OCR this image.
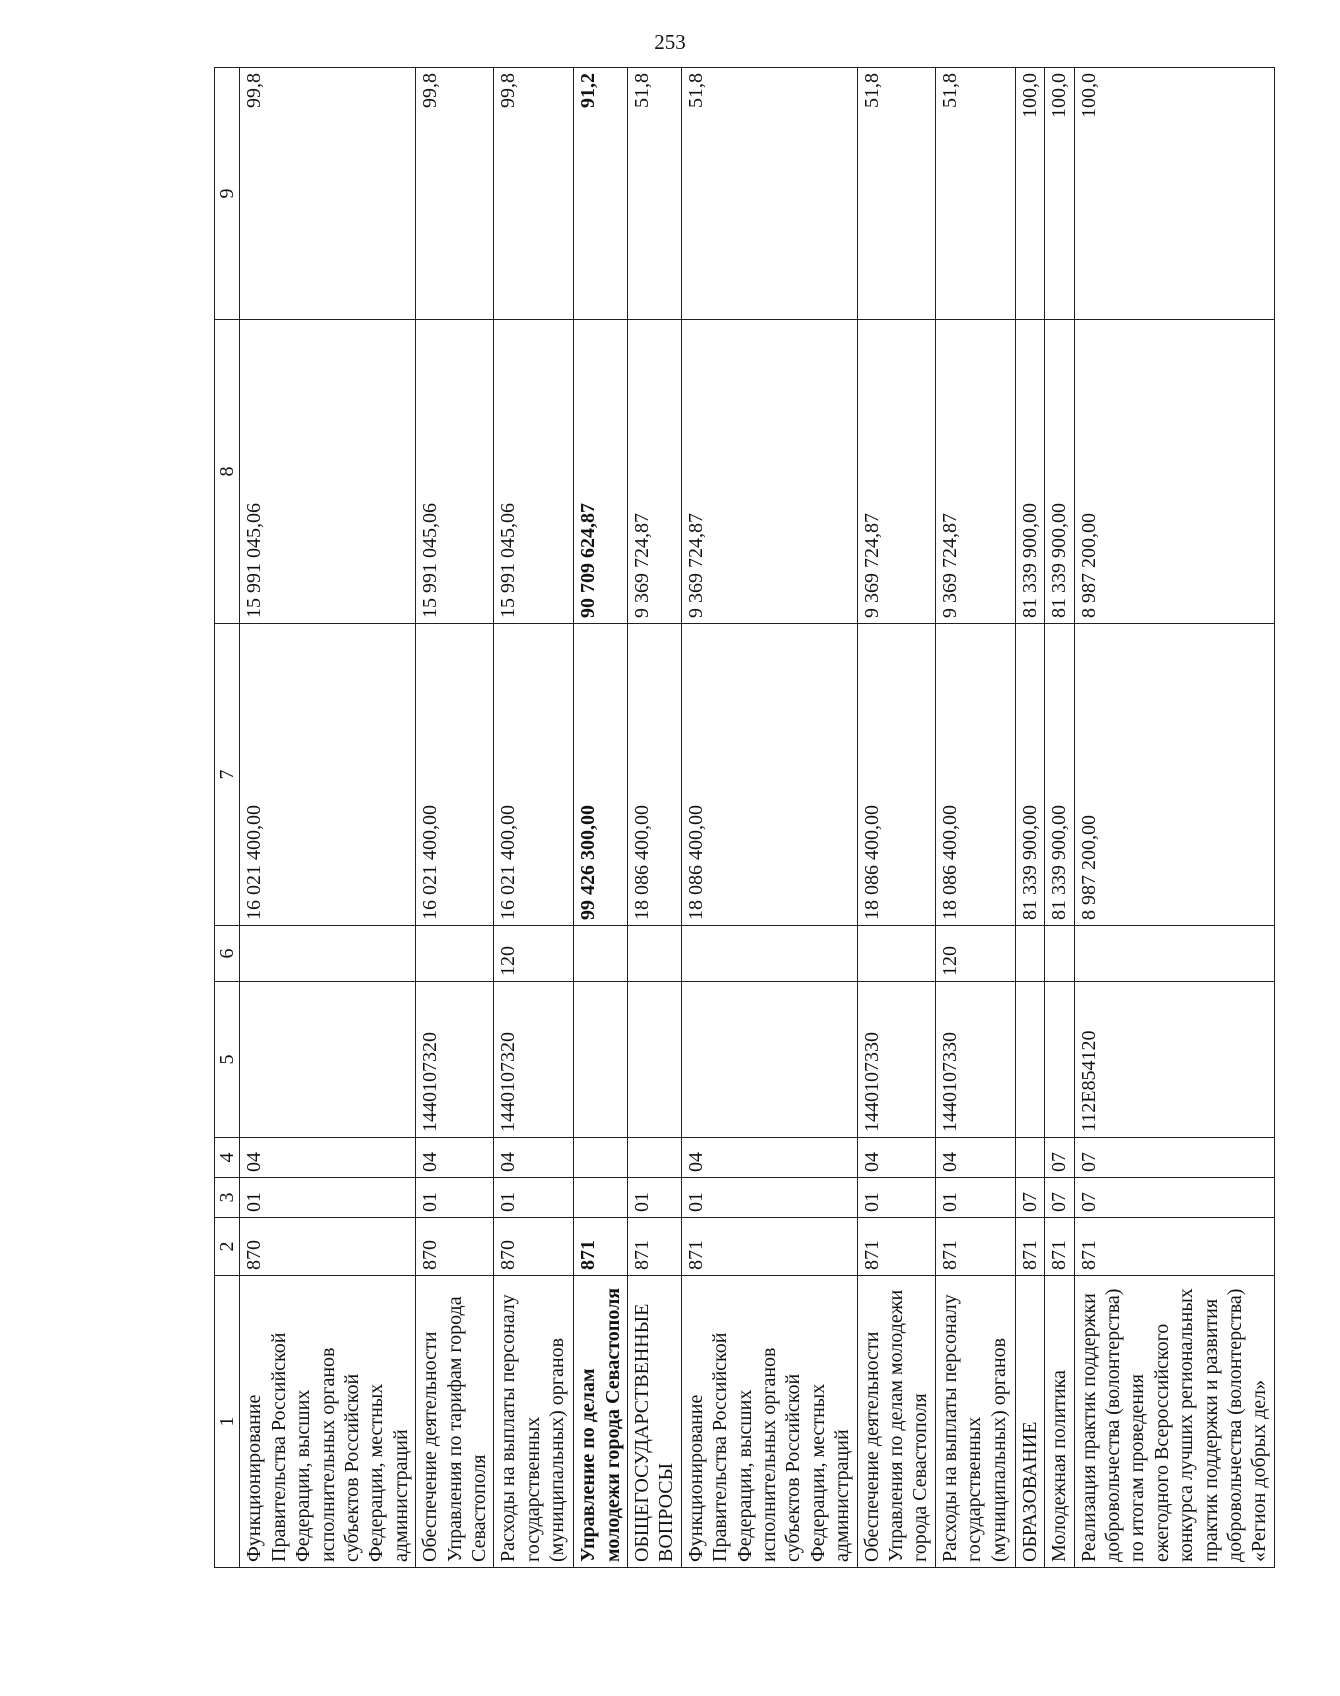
253
1	2	3	4	5	6	7	8	9
Функционирование Правительства Российской Федерации, высших исполнительных органов субъектов Российской Федерации, местных администраций	870	01	04			16 021 400,00	15 991 045,06	99,8
Обеспечение деятельности Управления по тарифам города Севастополя	870	01	04	1440107320		16 021 400,00	15 991 045,06	99,8
Расходы на выплаты персоналу государственных (муниципальных) органов	870	01	04	1440107320	120	16 021 400,00	15 991 045,06	99,8
Управление по делам молодежи города Севастополя	871					99 426 300,00	90 709 624,87	91,2
ОБЩЕГОСУДАРСТВЕННЫЕ ВОПРОСЫ	871	01				18 086 400,00	9 369 724,87	51,8
Функционирование Правительства Российской Федерации, высших исполнительных органов субъектов Российской Федерации, местных администраций	871	01	04			18 086 400,00	9 369 724,87	51,8
Обеспечение деятельности Управления по делам молодежи города Севастополя	871	01	04	1440107330		18 086 400,00	9 369 724,87	51,8
Расходы на выплаты персоналу государственных (муниципальных) органов	871	01	04	1440107330	120	18 086 400,00	9 369 724,87	51,8
ОБРАЗОВАНИЕ	871	07				81 339 900,00	81 339 900,00	100,0
Молодежная политика	871	07	07			81 339 900,00	81 339 900,00	100,0
Реализация практик поддержки добровольчества (волонтерства) по итогам проведения ежегодного Всероссийского конкурса лучших региональных практик поддержки и развития добровольчества (волонтерства) «Регион добрых дел»	871	07	07	112E854120		8 987 200,00	8 987 200,00	100,0
